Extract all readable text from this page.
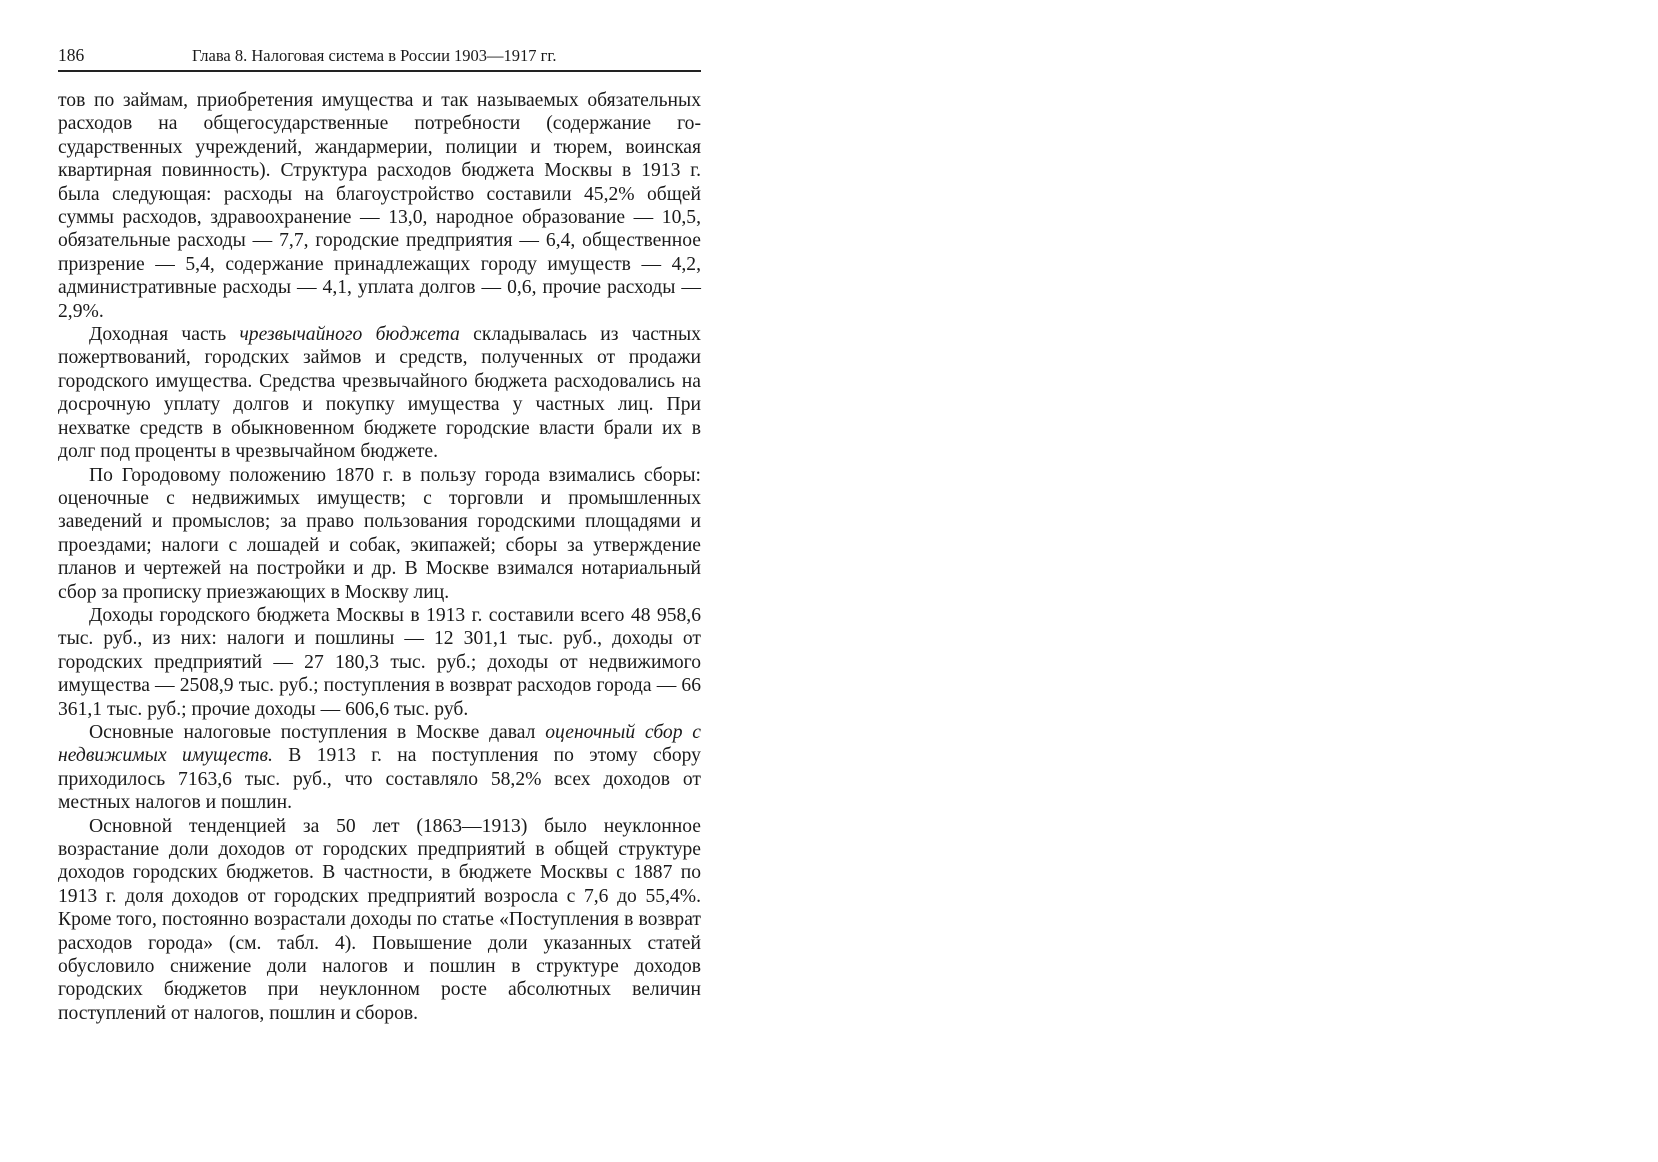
186	Глава 8. Налоговая система в России 1903—1917 гг.

тов по займам, приобретения имущества и так называемых обязательных расходов на общегосударственные потребности (содержание государственных учреждений, жандармерии, полиции и тюрем, воинская квартирная повинность). Структура расходов бюджета Москвы в 1913 г. была следующая: расходы на благоустройство составили 45,2% общей суммы расходов, здравоохранение — 13,0, народное образование — 10,5, обязательные расходы — 7,7, городские предприятия — 6,4, общественное призрение — 5,4, содержание принадлежащих городу имуществ — 4,2, административные расходы — 4,1, уплата долгов — 0,6, прочие расходы — 2,9%.

Доходная часть чрезвычайного бюджета складывалась из частных пожертвований, городских займов и средств, полученных от продажи городского имущества. Средства чрезвычайного бюджета расходовались на досрочную уплату долгов и покупку имущества у частных лиц. При нехватке средств в обыкновенном бюджете городские власти брали их в долг под проценты в чрезвычайном бюджете.

По Городовому положению 1870 г. в пользу города взимались сборы: оценочные с недвижимых имуществ; с торговли и промышленных заведений и промыслов; за право пользования городскими площадями и проездами; налоги с лошадей и собак, экипажей; сборы за утверждение планов и чертежей на постройки и др. В Москве взимался нотариальный сбор за прописку приезжающих в Москву лиц.

Доходы городского бюджета Москвы в 1913 г. составили всего 48 958,6 тыс. руб., из них: налоги и пошлины — 12 301,1 тыс. руб., доходы от городских предприятий — 27 180,3 тыс. руб.; доходы от недвижимого имущества — 2508,9 тыс. руб.; поступления в возврат расходов города — 66 361,1 тыс. руб.; прочие доходы — 606,6 тыс. руб.

Основные налоговые поступления в Москве давал оценочный сбор с недвижимых имуществ. В 1913 г. на поступления по этому сбору приходилось 7163,6 тыс. руб., что составляло 58,2% всех доходов от местных налогов и пошлин.

Основной тенденцией за 50 лет (1863—1913) было неуклонное возрастание доли доходов от городских предприятий в общей структуре доходов городских бюджетов. В частности, в бюджете Москвы с 1887 по 1913 г. доля доходов от городских предприятий возросла с 7,6 до 55,4%. Кроме того, постоянно возрастали доходы по статье «Поступления в возврат расходов города» (см. табл. 4). Повышение доли указанных статей обусловило снижение доли налогов и пошлин в структуре доходов городских бюджетов при неуклонном росте абсолютных величин поступлений от налогов, пошлин и сборов.
